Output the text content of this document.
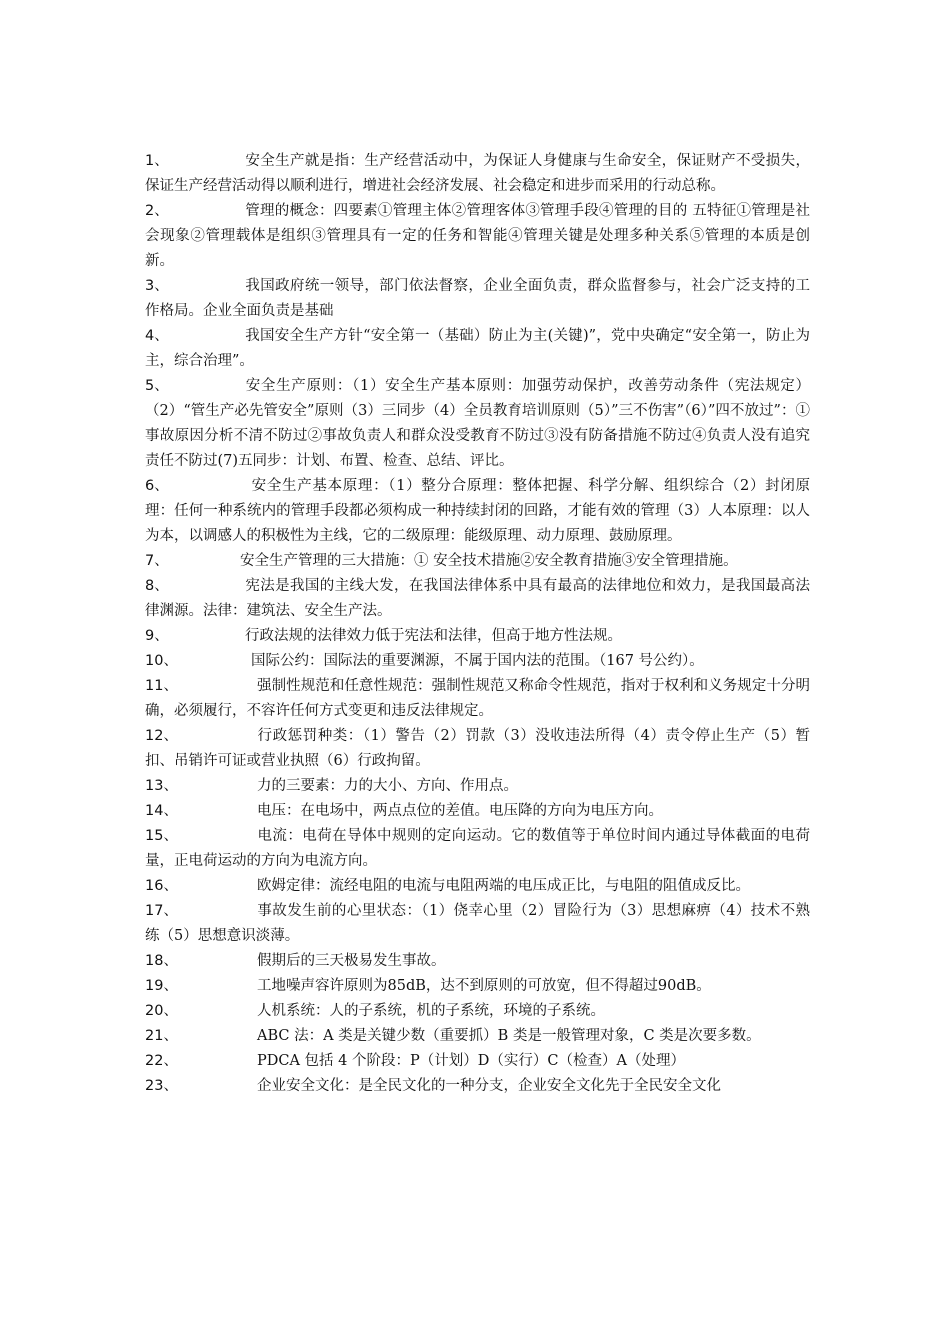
1、	安全生产就是指：生产经营活动中，为保证人身健康与生命安全，保证财产不受损失，保证生产经营活动得以顺利进行，增进社会经济发展、社会稳定和进步而采用的行动总称。

2、	管理的概念：四要素①管理主体②管理客体③管理手段④管理的目的 五特征①管理是社会现象②管理载体是组织③管理具有一定的任务和智能④管理关键是处理多种关系⑤管理的本质是创新。

3、	我国政府统一领导，部门依法督察，企业全面负责，群众监督参与，社会广泛支持的工作格局。企业全面负责是基础

4、	我国安全生产方针“安全第一（基础）防止为主(关键)”，党中央确定“安全第一，防止为主，综合治理”。

5、	安全生产原则：（1）安全生产基本原则：加强劳动保护，改善劳动条件（宪法规定）（2）“管生产必先管安全”原则（3）三同步（4）全员教育培训原则（5）”三不伤害”（6）”四不放过”：①事故原因分析不清不防过②事故负责人和群众没受教育不防过③没有防备措施不防过④负责人没有追究责任不防过(7)五同步：计划、布置、检查、总结、评比。

6、	安全生产基本原理：（1）整分合原理：整体把握、科学分解、组织综合（2）封闭原理：任何一种系统内的管理手段都必须构成一种持续封闭的回路，才能有效的管理（3）人本原理：以人为本，以调感人的积极性为主线，它的二级原理：能级原理、动力原理、鼓励原理。

7、	安全生产管理的三大措施：① 安全技术措施②安全教育措施③安全管理措施。

8、	宪法是我国的主线大发，在我国法律体系中具有最高的法律地位和效力，是我国最高法律渊源。法律：建筑法、安全生产法。

9、	行政法规的法律效力低于宪法和法律，但高于地方性法规。

10、	国际公约：国际法的重要渊源，不属于国内法的范围。（167 号公约）。

11、	强制性规范和任意性规范：强制性规范又称命令性规范，指对于权利和义务规定十分明确，必须履行，不容许任何方式变更和违反法律规定。

12、	行政惩罚种类：（1）警告（2）罚款（3）没收违法所得（4）责令停止生产（5）暂扣、吊销许可证或营业执照（6）行政拘留。

13、	力的三要素：力的大小、方向、作用点。

14、	电压：在电场中，两点点位的差值。电压降的方向为电压方向。

15、	电流：电荷在导体中规则的定向运动。它的数值等于单位时间内通过导体截面的电荷量，正电荷运动的方向为电流方向。

16、	欧姆定律：流经电阻的电流与电阻两端的电压成正比，与电阻的阻值成反比。

17、	事故发生前的心里状态：（1）侥幸心里（2）冒险行为（3）思想麻痹（4）技术不熟　　练（5）思想意识淡薄。

18、	假期后的三天极易发生事故。

19、	工地噪声容许原则为85dB，达不到原则的可放宽，但不得超过90dB。

20、	人机系统：人的子系统，机的子系统，环境的子系统。

21、	ABC 法：A 类是关键少数（重要抓）B 类是一般管理对象，C 类是次要多数。

22、	PDCA 包括 4 个阶段：P（计划）D（实行）C（检查）A（处理）

23、	企业安全文化：是全民文化的一种分支，企业安全文化先于全民安全文化
